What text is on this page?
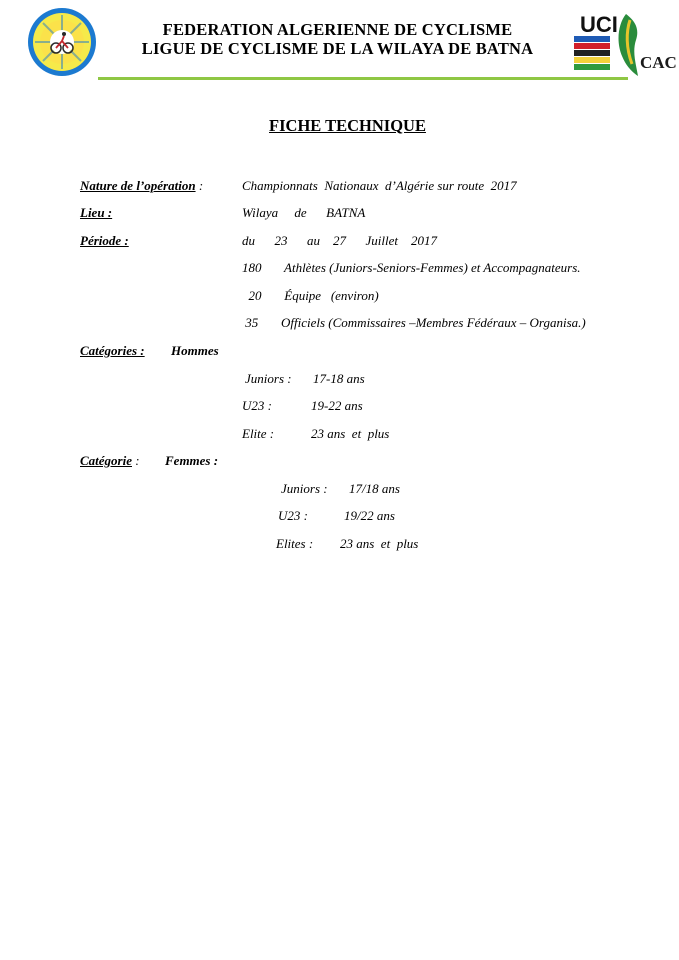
FEDERATION ALGERIENNE DE CYCLISME
LIGUE DE CYCLISME DE LA WILAYA DE BATNA
UCI
CAC
FICHE TECHNIQUE
Nature de l’opération :	Championnats  Nationaux  d’Algérie sur route  2017
Lieu :	Wilaya     de      BATNA
Période :	du      23      au    27      Juillet    2017
180       Athlètes (Juniors-Seniors-Femmes) et Accompagnateurs.
20       Équipe   (environ)
35       Officiels (Commissaires –Membres Fédéraux – Organisa.)
Catégories : Hommes
Juniors : 17-18 ans
U23 :	19-22 ans
Elite :	23 ans  et  plus
Catégorie : Femmes :
Juniors : 17/18 ans
U23 :	19/22 ans
Elites : 23 ans  et  plus
